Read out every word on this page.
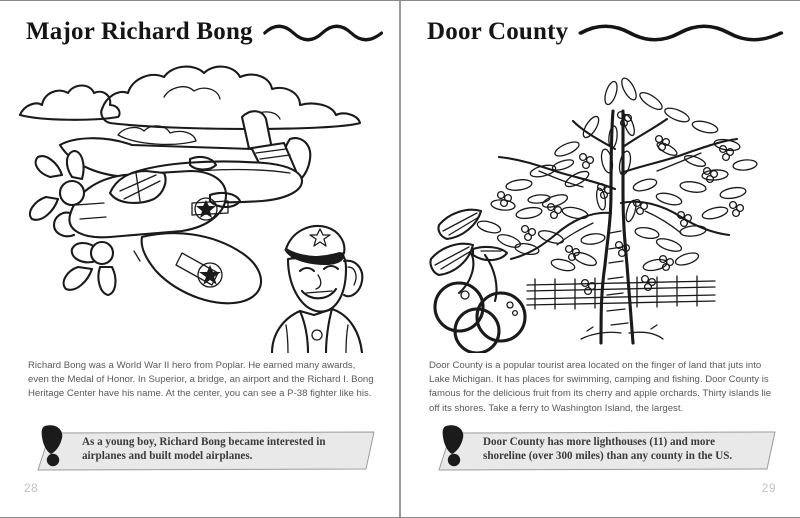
Major Richard Bong
Richard Bong was a World War II hero from Poplar. He earned many awards, even the Medal of Honor. In Superior, a bridge, an airport and the Richard I. Bong Heritage Center have his name. At the center, you can see a P-38 fighter like his.
As a young boy, Richard Bong became interested in airplanes and built model airplanes.
28
Door County
Door County is a popular tourist area located on the finger of land that juts into Lake Michigan. It has places for swimming, camping and fishing. Door County is famous for the delicious fruit from its cherry and apple orchards. Thirty islands lie off its shores. Take a ferry to Washington Island, the largest.
Door County has more lighthouses (11) and more shoreline (over 300 miles) than any county in the US.
29
